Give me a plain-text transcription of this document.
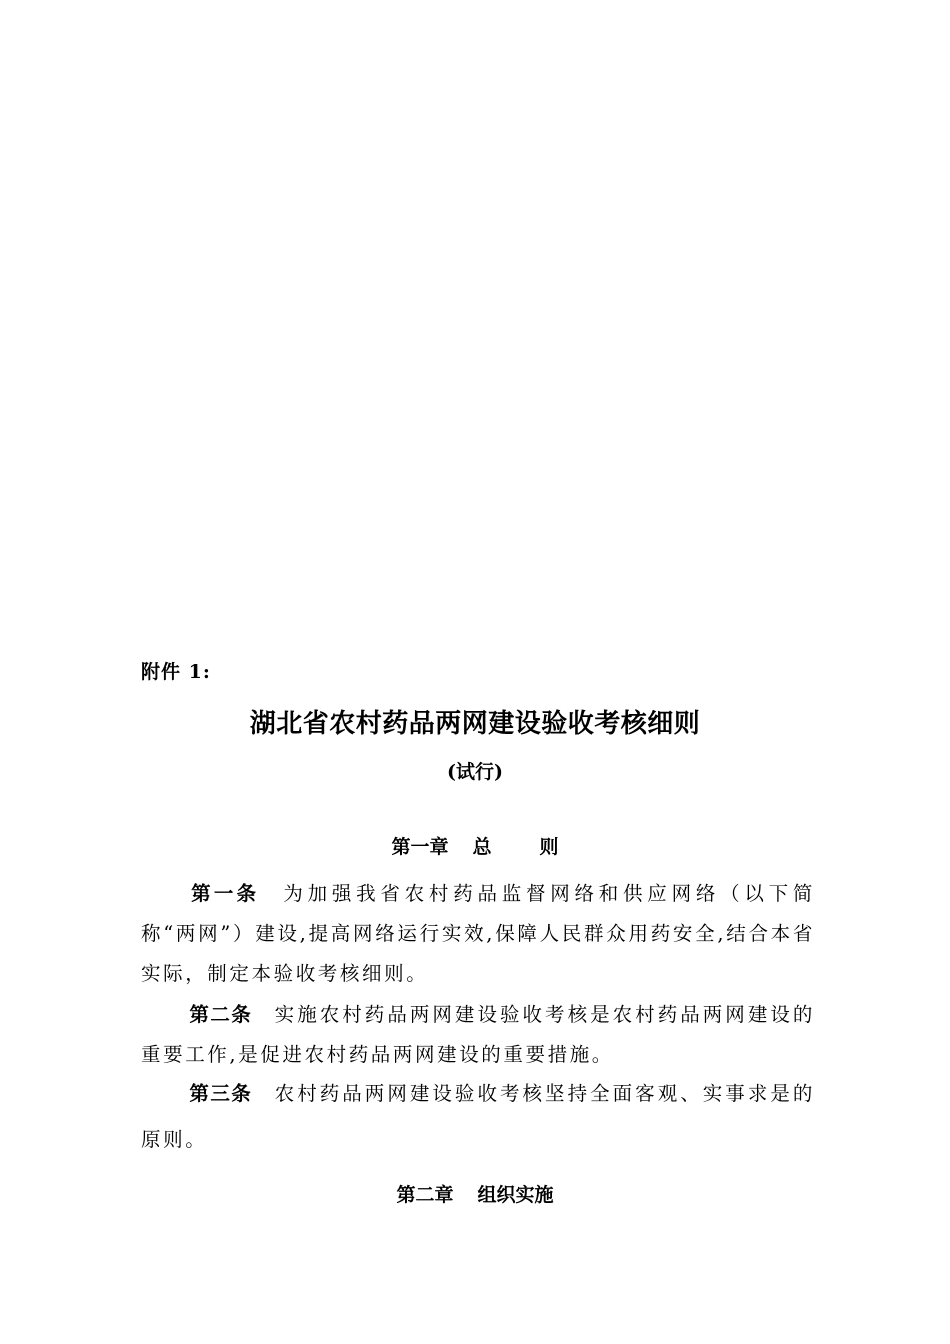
附件 1:
湖北省农村药品两网建设验收考核细则
(试行)
第一章 总	则
第一条 为加强我省农村药品监督网络和供应网络（以下简称“两网”）建设,提高网络运行实效,保障人民群众用药安全,结合本省实际，制定本验收考核细则。
第二条 实施农村药品两网建设验收考核是农村药品两网建设的重要工作,是促进农村药品两网建设的重要措施。
第三条 农村药品两网建设验收考核坚持全面客观、实事求是的原则。
第二章 组织实施
